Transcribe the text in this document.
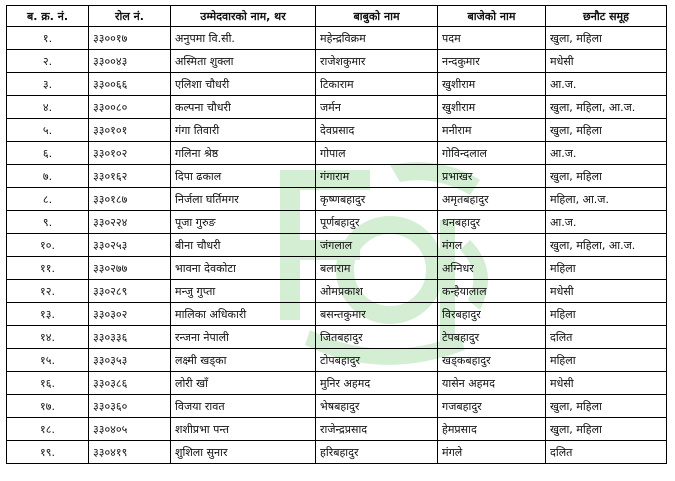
ब. क्र. नं.	रोल नं.	उम्मेदवारको नाम, थर	बाबुको नाम	बाजेको नाम	छनौट समूह
१.	३३००१७	अनुपमा वि.सी.	महेन्द्रविक्रम	पदम	खुला, महिला
२.	३३००४३	अस्मिता शुक्ला	राजेशकुमार	नन्दकुमार	मधेसी
३.	३३००६६	एलिशा चौधरी	टिकाराम	खुशीराम	आ.ज.
४.	३३००८०	कल्पना चौधरी	जर्मन	खुशीराम	खुला, महिला, आ.ज.
५.	३३०१०१	गंगा तिवारी	देवप्रसाद	मनीराम	खुला, महिला
६.	३३०१०२	गलिना श्रेष्ठ	गोपाल	गोविन्दलाल	आ.ज.
७.	३३०१६२	दिपा ढकाल	गंगाराम	प्रभाखर	खुला, महिला
८.	३३०१८७	निर्जला घर्तिमगर	कृष्णबहादुर	अमृतबहादुर	महिला, आ.ज.
९.	३३०२२४	पूजा गुरुङ	पूर्णबहादुर	धनबहादुर	आ.ज.
१०.	३३०२५३	बीना चौधरी	जंगलाल	मंगल	खुला, महिला, आ.ज.
११.	३३०२७७	भावना देवकोटा	बलाराम	अग्निधर	महिला
१२.	३३०२८९	मन्जु गुप्ता	ओमप्रकाश	कन्हैयालाल	मधेसी
१३.	३३०३०२	मालिका अधिकारी	बसन्तकुमार	विरबहादुर	महिला
१४.	३३०३३६	रन्जना नेपाली	जितबहादुर	टेपबहादुर	दलित
१५.	३३०३५३	लक्ष्मी खड्का	टोपबहादुर	खड्कबहादुर	महिला
१६.	३३०३८६	लोरी खाँ	मुनिर अहमद	यासेन अहमद	मधेसी
१७.	३३०३६०	विजया रावत	भेषबहादुर	गजबहादुर	खुला, महिला
१८.	३३०४०५	शशीप्रभा पन्त	राजेन्द्रप्रसाद	हेमप्रसाद	खुला, महिला
१९.	३३०४१९	शुशिला सुनार	हरिबहादुर	मंगले	दलित
